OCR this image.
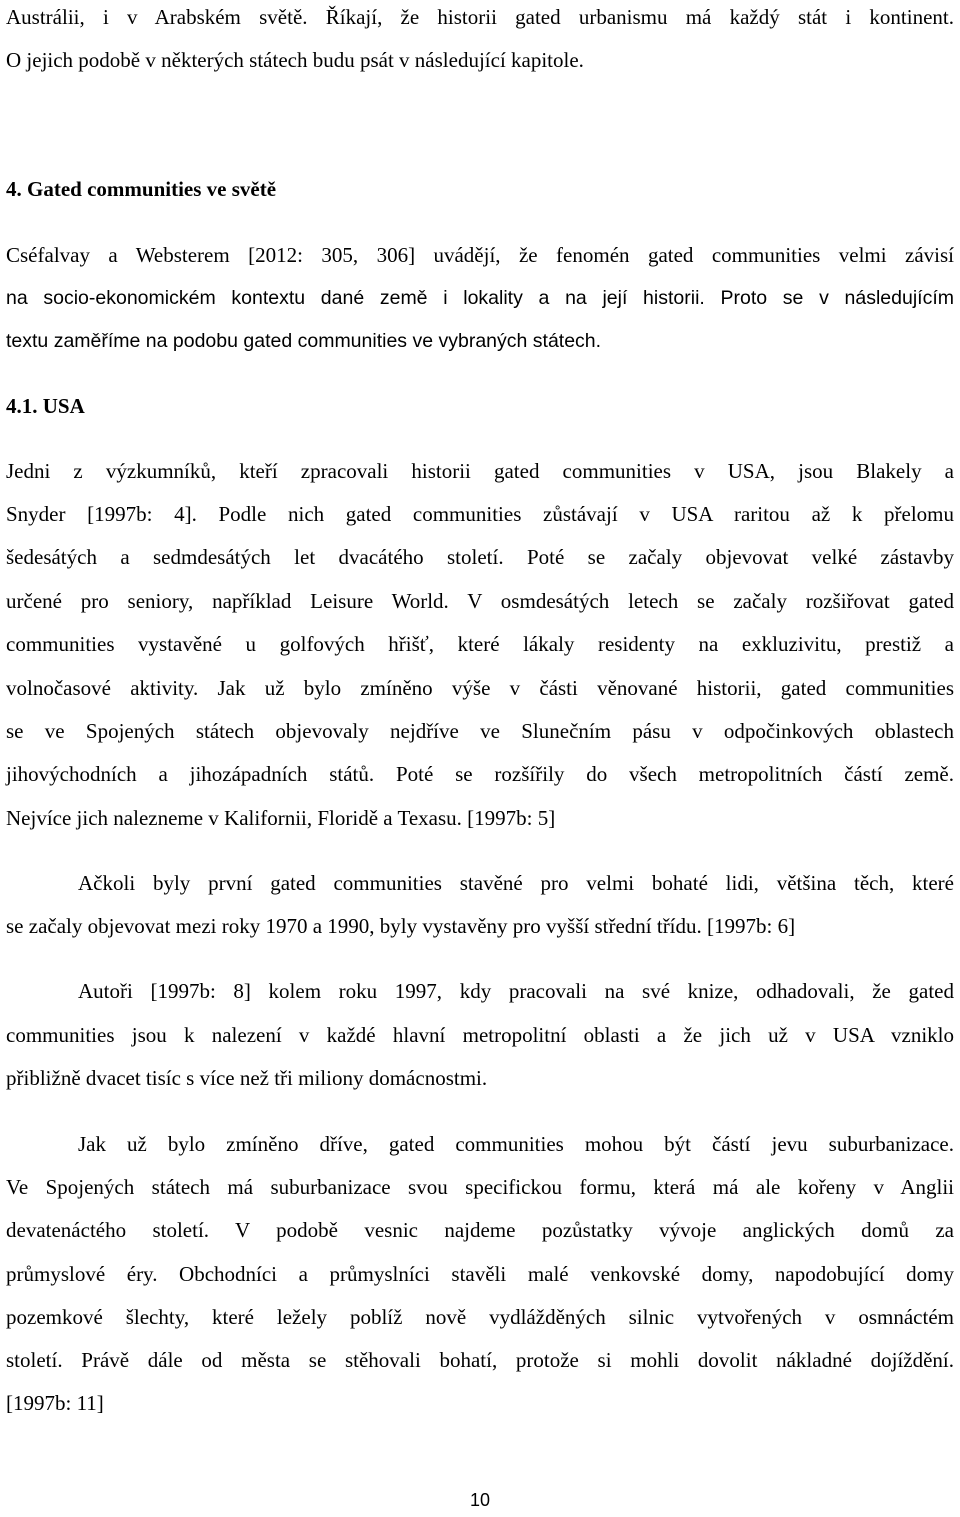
Austrálii, i v Arabském světě. Říkají, že historii gated urbanismu má každý stát i kontinent.

O jejich podobě v některých státech budu psát v následující kapitole.

4. Gated communities ve světě

Cséfalvay a Websterem [2012: 305, 306] uvádějí, že fenomén gated communities velmi závisí

na socio-ekonomickém kontextu dané země i lokality a na její historii. Proto se v následujícím

textu zaměříme na podobu gated communities ve vybraných státech.

4.1. USA

Jedni z výzkumníků, kteří zpracovali historii gated communities v USA, jsou Blakely a

Snyder [1997b: 4]. Podle nich gated communities zůstávají v USA raritou až k přelomu

šedesátých a sedmdesátých let dvacátého století. Poté se začaly objevovat velké zástavby

určené pro seniory, například Leisure World. V osmdesátých letech se začaly rozšiřovat gated

communities vystavěné u golfových hřišť, které lákaly residenty na exkluzivitu, prestiž a

volnočasové aktivity. Jak už bylo zmíněno výše v části věnované historii, gated communities

se ve Spojených státech objevovaly nejdříve ve Slunečním pásu v odpočinkových oblastech

jihovýchodních a jihozápadních států. Poté se rozšířily do všech metropolitních částí země.

Nejvíce jich nalezneme v Kalifornii, Floridě a Texasu. [1997b: 5]

Ačkoli byly první gated communities stavěné pro velmi bohaté lidi, většina těch, které

se začaly objevovat mezi roky 1970 a 1990, byly vystavěny pro vyšší střední třídu. [1997b: 6]

Autoři [1997b: 8] kolem roku 1997, kdy pracovali na své knize, odhadovali, že gated

communities jsou k nalezení v každé hlavní metropolitní oblasti a že jich už v USA vzniklo

přibližně dvacet tisíc s více než tři miliony domácnostmi.

Jak už bylo zmíněno dříve, gated communities mohou být částí jevu suburbanizace.

Ve Spojených státech má suburbanizace svou specifickou formu, která má ale kořeny v Anglii

devatenáctého století. V podobě vesnic najdeme pozůstatky vývoje anglických domů za

průmyslové éry. Obchodníci a průmyslníci stavěli malé venkovské domy, napodobující domy

pozemkové šlechty, které ležely poblíž nově vydlážděných silnic vytvořených v osmnáctém

století. Právě dále od města se stěhovali bohatí, protože si mohli dovolit nákladné dojíždění.

[1997b: 11]

10
